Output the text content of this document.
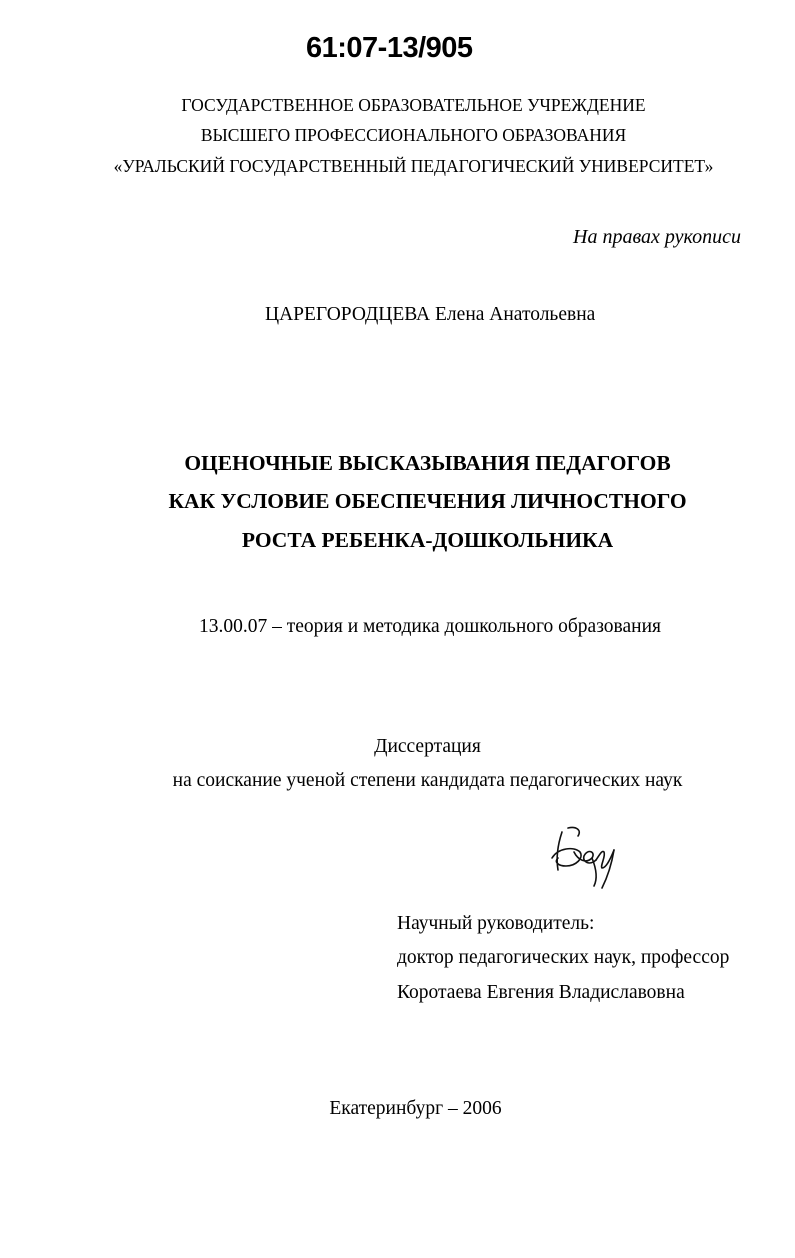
61:07-13/905
ГОСУДАРСТВЕННОЕ ОБРАЗОВАТЕЛЬНОЕ УЧРЕЖДЕНИЕ
ВЫСШЕГО ПРОФЕССИОНАЛЬНОГО ОБРАЗОВАНИЯ
«УРАЛЬСКИЙ ГОСУДАРСТВЕННЫЙ ПЕДАГОГИЧЕСКИЙ УНИВЕРСИТЕТ»
На правах рукописи
ЦАРЕГОРОДЦЕВА Елена Анатольевна
ОЦЕНОЧНЫЕ ВЫСКАЗЫВАНИЯ ПЕДАГОГОВ
КАК УСЛОВИЕ ОБЕСПЕЧЕНИЯ ЛИЧНОСТНОГО
РОСТА РЕБЕНКА-ДОШКОЛЬНИКА
13.00.07 – теория и методика дошкольного образования
Диссертация
на соискание ученой степени кандидата педагогических наук
Научный руководитель:
доктор педагогических наук, профессор
Коротаева Евгения Владиславовна
Екатеринбург – 2006
